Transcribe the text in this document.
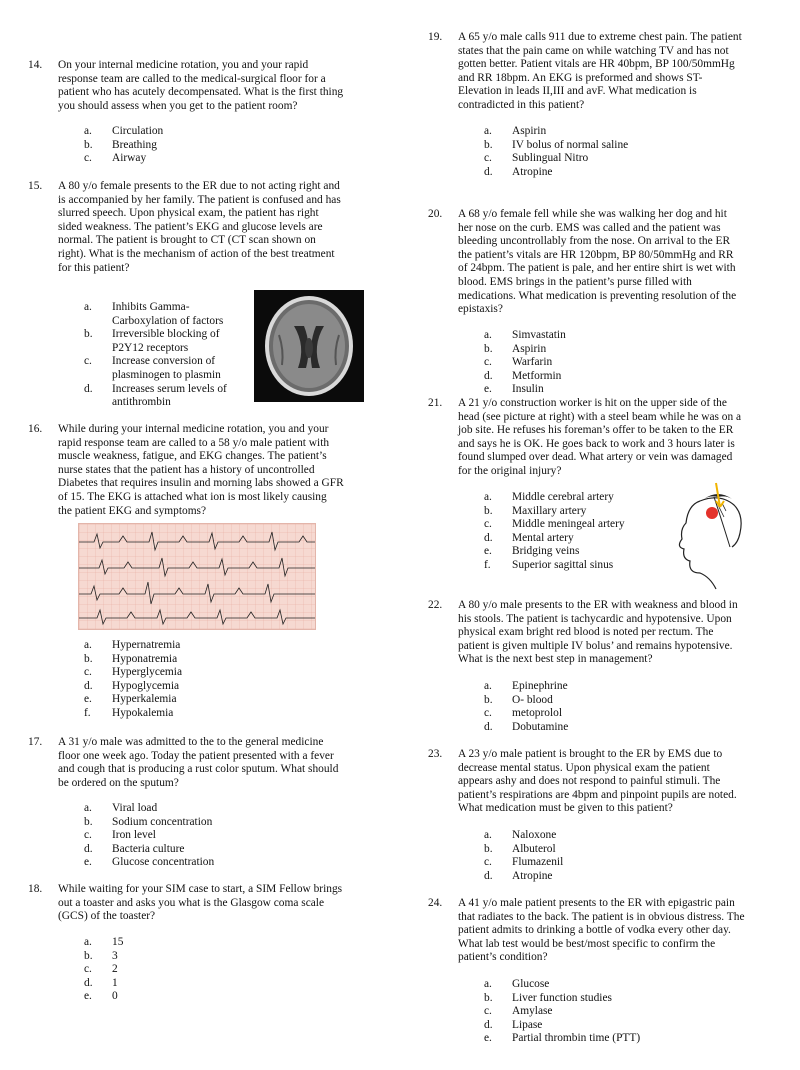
14.	On your internal medicine rotation, you and your rapid
response team are called to the medical-surgical floor for a
patient who has acutely decompensated. What is the first thing
you should assess when you get to the patient room?
a.	Circulation
b.	Breathing
c.	Airway
15.	A 80 y/o female presents to the ER due to not acting right and
is accompanied by her family. The patient is confused and has
slurred speech. Upon physical exam, the patient has right
sided weakness. The patient’s EKG and glucose levels are
normal. The patient is brought to CT (CT scan shown on
right). What is the mechanism of action of the best treatment
for this patient?
a.	Inhibits Gamma-
Carboxylation of factors
b.	Irreversible blocking of
P2Y12 receptors
c.	Increase conversion of
plasminogen to plasmin
d.	Increases serum levels of
antithrombin
16.	While during your internal medicine rotation, you and your
rapid response team are called to a 58 y/o male patient with
muscle weakness, fatigue, and EKG changes. The patient’s
nurse states that the patient has a history of uncontrolled
Diabetes that requires insulin and morning labs showed a GFR
of 15. The EKG is attached what ion is most likely causing
the patient EKG and symptoms?
a.	Hypernatremia
b.	Hyponatremia
c.	Hyperglycemia
d.	Hypoglycemia
e.	Hyperkalemia
f.	Hypokalemia
17.	A 31 y/o male was admitted to the to the general medicine
floor one week ago. Today the patient presented with a fever
and cough that is producing a rust color sputum. What should
be ordered on the sputum?
a.	Viral load
b.	Sodium concentration
c.	Iron level
d.	Bacteria culture
e.	Glucose concentration
18.	While waiting for your SIM case to start, a SIM Fellow brings
out a toaster and asks you what is the Glasgow coma scale
(GCS) of the toaster?
a.	15
b.	3
c.	2
d.	1
e.	0
19.	A 65 y/o male calls 911 due to extreme chest pain. The patient
states that the pain came on while watching TV and has not
gotten better. Patient vitals are HR 40bpm, BP 100/50mmHg
and RR 18bpm. An EKG is preformed and shows ST-
Elevation in leads II,III and avF. What medication is
contradicted in this patient?
a.	Aspirin
b.	IV bolus of normal saline
c.	Sublingual Nitro
d.	Atropine
20.	A 68 y/o female fell while she was walking her dog and hit
her nose on the curb. EMS was called and the patient was
bleeding uncontrollably from the nose. On arrival to the ER
the patient’s vitals are HR 120bpm, BP 80/50mmHg and RR
of 24bpm. The patient is pale, and her entire shirt is wet with
blood. EMS brings in the patient’s purse filled with
medications. What medication is preventing resolution of the
epistaxis?
a.	Simvastatin
b.	Aspirin
c.	Warfarin
d.	Metformin
e.	Insulin
21.	A 21 y/o construction worker is hit on the upper side of the
head (see picture at right) with a steel beam while he was on a
job site. He refuses his foreman’s offer to be taken to the ER
and says he is OK. He goes back to work and 3 hours later is
found slumped over dead. What artery or vein was damaged
for the original injury?
a.	Middle cerebral artery
b.	Maxillary artery
c.	Middle meningeal artery
d.	Mental artery
e.	Bridging veins
f.	Superior sagittal sinus
22.	A 80 y/o male presents to the ER with weakness and blood in
his stools. The patient is tachycardic and hypotensive. Upon
physical exam bright red blood is noted per rectum. The
patient is given multiple IV bolus’ and remains hypotensive.
What is the next best step in management?
a.	Epinephrine
b.	O- blood
c.	metoprolol
d.	Dobutamine
23.	A 23 y/o male patient is brought to the ER by EMS due to
decrease mental status. Upon physical exam the patient
appears ashy and does not respond to painful stimuli. The
patient’s respirations are 4bpm and pinpoint pupils are noted.
What medication must be given to this patient?
a.	Naloxone
b.	Albuterol
c.	Flumazenil
d.	Atropine
24.	A 41 y/o male patient presents to the ER with epigastric pain
that radiates to the back. The patient is in obvious distress. The
patient admits to drinking a bottle of vodka every other day.
What lab test would be best/most specific to confirm the
patient’s condition?
a.	Glucose
b.	Liver function studies
c.	Amylase
d.	Lipase
e.	Partial thrombin time (PTT)
